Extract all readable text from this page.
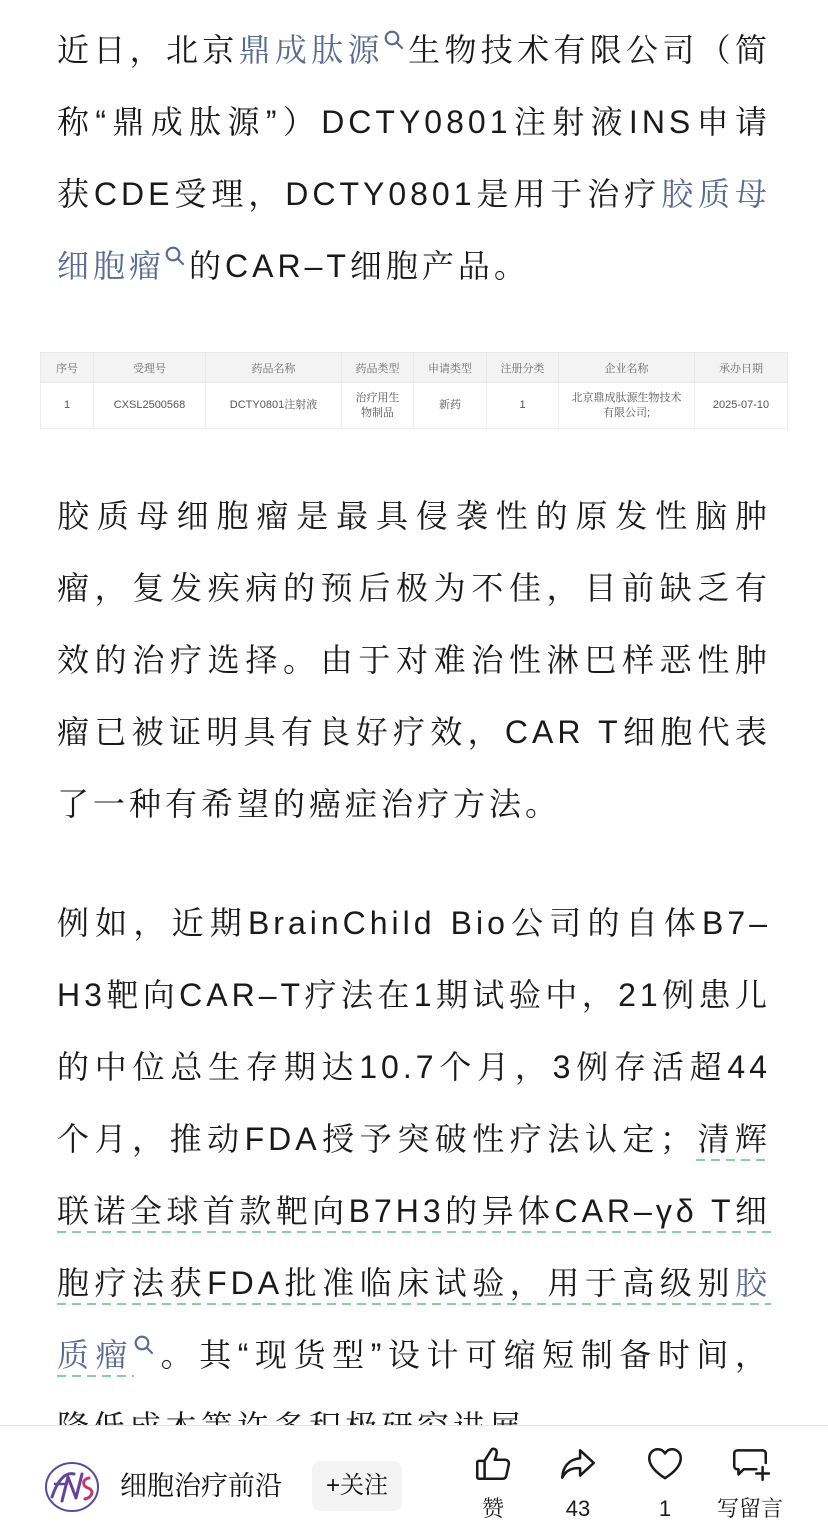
近日，北京鼎成肽源 生物技术有限公司（简
称“鼎成肽源”）DCTY0801注射液INS申请
获CDE受理，DCTY0801是用于治疗胶质母
细胞瘤 的CAR–T细胞产品。
序号	受理号	药品名称	药品类型	申请类型	注册分类	企业名称	承办日期
1	CXSL2500568	DCTY0801注射液	治疗用生
物制品	新药	1	北京鼎成肽源生物技术
有限公司;	2025-07-10
胶质母细胞瘤是最具侵袭性的原发性脑肿
瘤，复发疾病的预后极为不佳，目前缺乏有
效的治疗选择。由于对难治性淋巴样恶性肿
瘤已被证明具有良好疗效，CAR T细胞代表
了一种有希望的癌症治疗方法。
例如，近期BrainChild Bio公司的自体B7–
H3靶向CAR–T疗法在1期试验中，21例患儿
的中位总生存期达10.7个月，3例存活超44
个月，推动FDA授予突破性疗法认定；清辉
联诺全球首款靶向B7H3的异体CAR–γδ T细
胞疗法获FDA批准临床试验，用于高级别胶
质瘤 。其“现货型”设计可缩短制备时间，
细胞治疗前沿	+关注
赞	43	1	写留言
